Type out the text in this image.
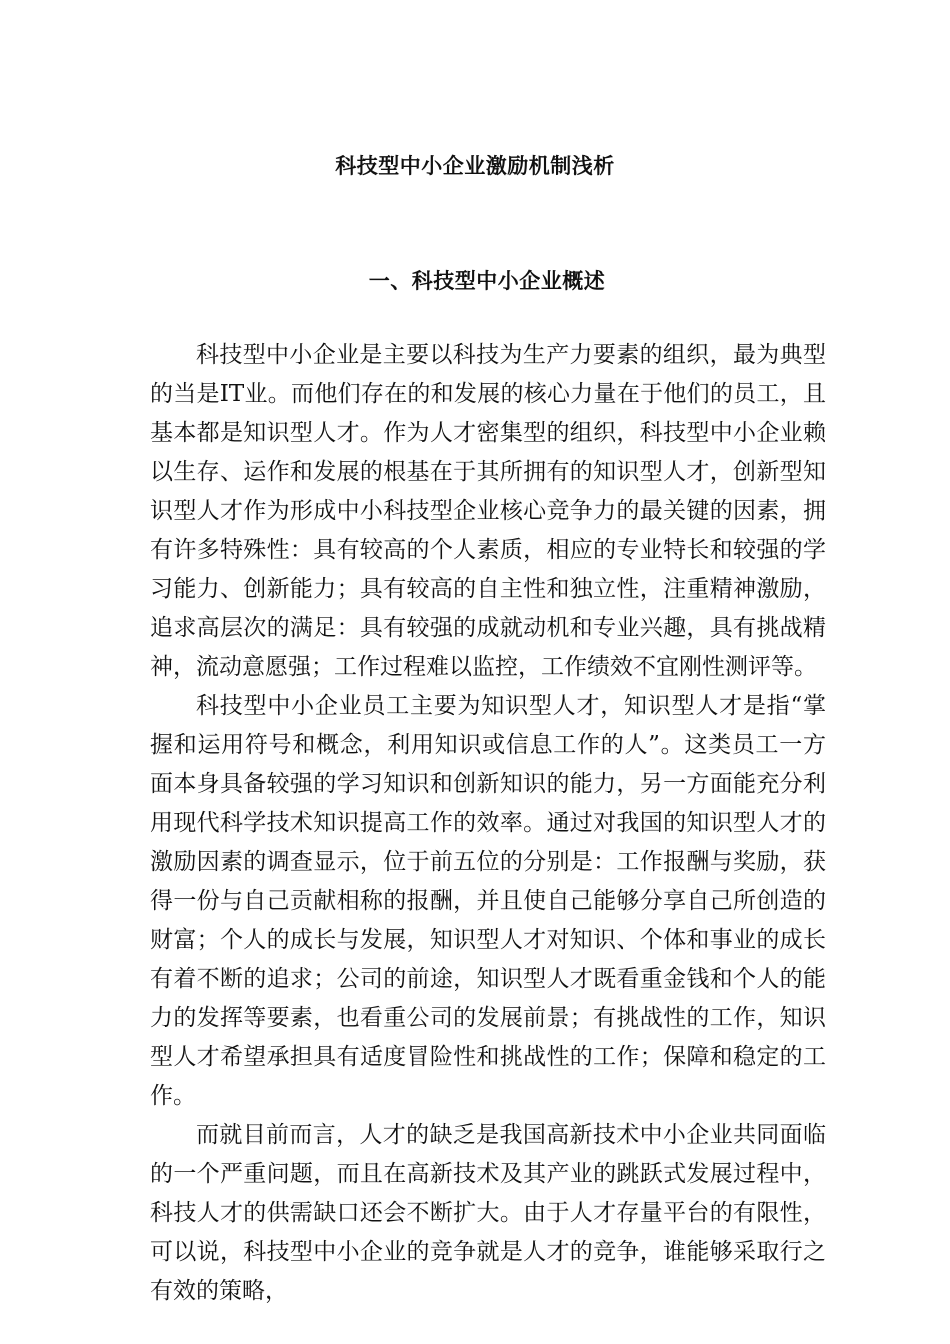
科技型中小企业激励机制浅析
一、科技型中小企业概述

科技型中小企业是主要以科技为生产力要素的组织，最为典型的当是IT业。而他们存在的和发展的核心力量在于他们的员工，且基本都是知识型人才。作为人才密集型的组织，科技型中小企业赖以生存、运作和发展的根基在于其所拥有的知识型人才，创新型知识型人才作为形成中小科技型企业核心竞争力的最关键的因素，拥有许多特殊性：具有较高的个人素质，相应的专业特长和较强的学习能力、创新能力；具有较高的自主性和独立性，注重精神激励，追求高层次的满足：具有较强的成就动机和专业兴趣，具有挑战精神，流动意愿强；工作过程难以监控，工作绩效不宜刚性测评等。

科技型中小企业员工主要为知识型人才，知识型人才是指“掌握和运用符号和概念，利用知识或信息工作的人”。这类员工一方面本身具备较强的学习知识和创新知识的能力，另一方面能充分利用现代科学技术知识提高工作的效率。通过对我国的知识型人才的激励因素的调查显示，位于前五位的分别是：工作报酬与奖励，获得一份与自己贡献相称的报酬，并且使自己能够分享自己所创造的财富；个人的成长与发展，知识型人才对知识、个体和事业的成长有着不断的追求；公司的前途，知识型人才既看重金钱和个人的能力的发挥等要素，也看重公司的发展前景；有挑战性的工作，知识型人才希望承担具有适度冒险性和挑战性的工作；保障和稳定的工作。

而就目前而言，人才的缺乏是我国高新技术中小企业共同面临的一个严重问题，而且在高新技术及其产业的跳跃式发展过程中，科技人才的供需缺口还会不断扩大。由于人才存量平台的有限性，可以说，科技型中小企业的竞争就是人才的竞争，谁能够采取行之有效的策略，
